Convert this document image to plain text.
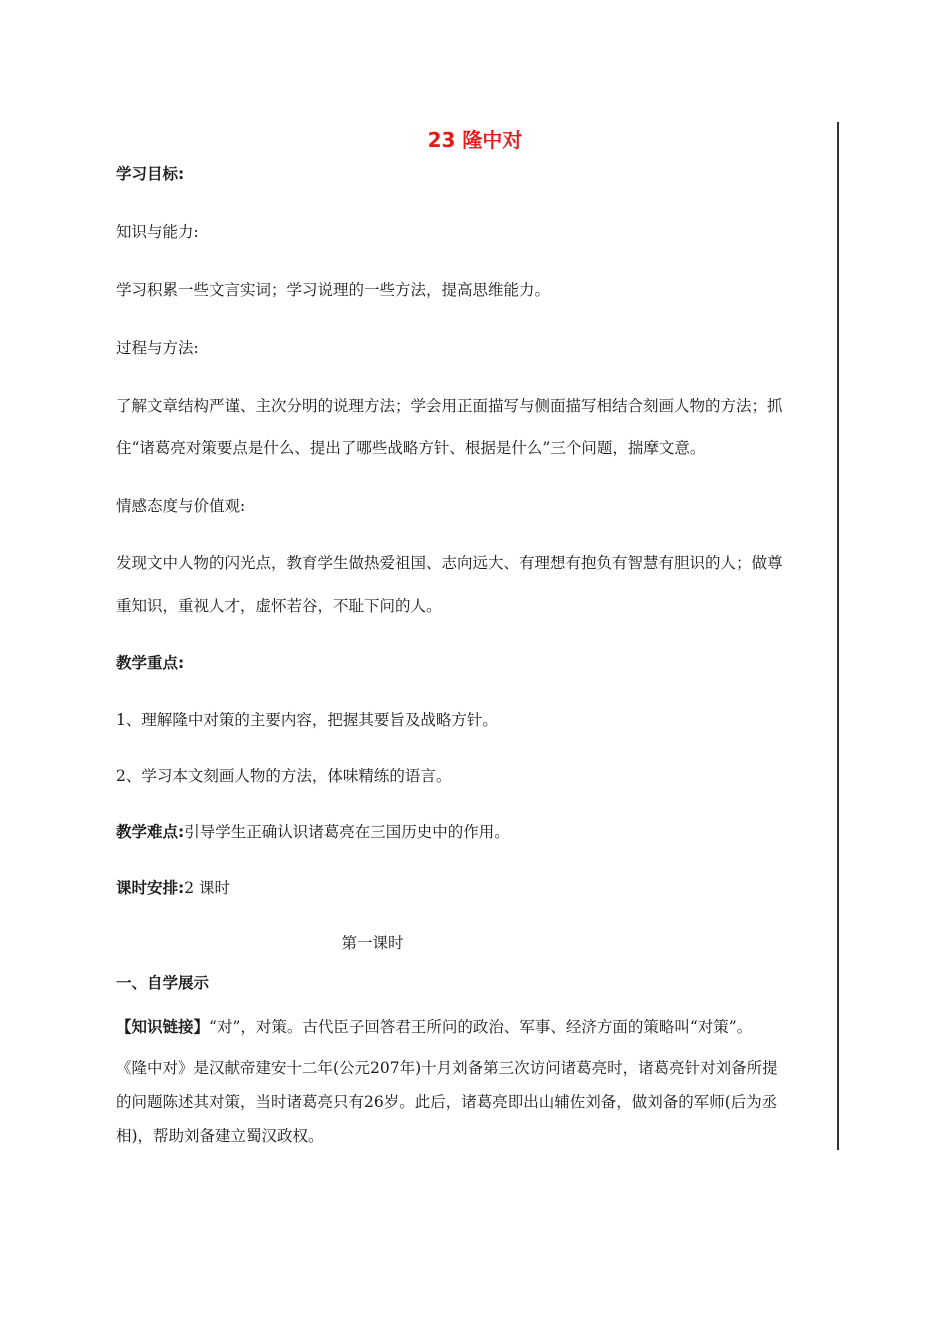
23 隆中对
学习目标:
知识与能力:
学习积累一些文言实词；学习说理的一些方法，提高思维能力。
过程与方法:
了解文章结构严谨、主次分明的说理方法；学会用正面描写与侧面描写相结合刻画人物的方法；抓
住“诸葛亮对策要点是什么、提出了哪些战略方针、根据是什么”三个问题，揣摩文意。
情感态度与价值观:
发现文中人物的闪光点，教育学生做热爱祖国、志向远大、有理想有抱负有智慧有胆识的人；做尊
重知识，重视人才，虚怀若谷，不耻下问的人。
教学重点:
1、理解隆中对策的主要内容，把握其要旨及战略方针。
2、学习本文刻画人物的方法，体味精练的语言。
教学难点:引导学生正确认识诸葛亮在三国历史中的作用。
课时安排:2 课时
第一课时
一、自学展示
【知识链接】“对”，对策。古代臣子回答君王所问的政治、军事、经济方面的策略叫“对策”。
《隆中对》是汉献帝建安十二年(公元207年)十月刘备第三次访问诸葛亮时，诸葛亮针对刘备所提
的问题陈述其对策，当时诸葛亮只有26岁。此后，诸葛亮即出山辅佐刘备，做刘备的军师(后为丞
相)，帮助刘备建立蜀汉政权。
